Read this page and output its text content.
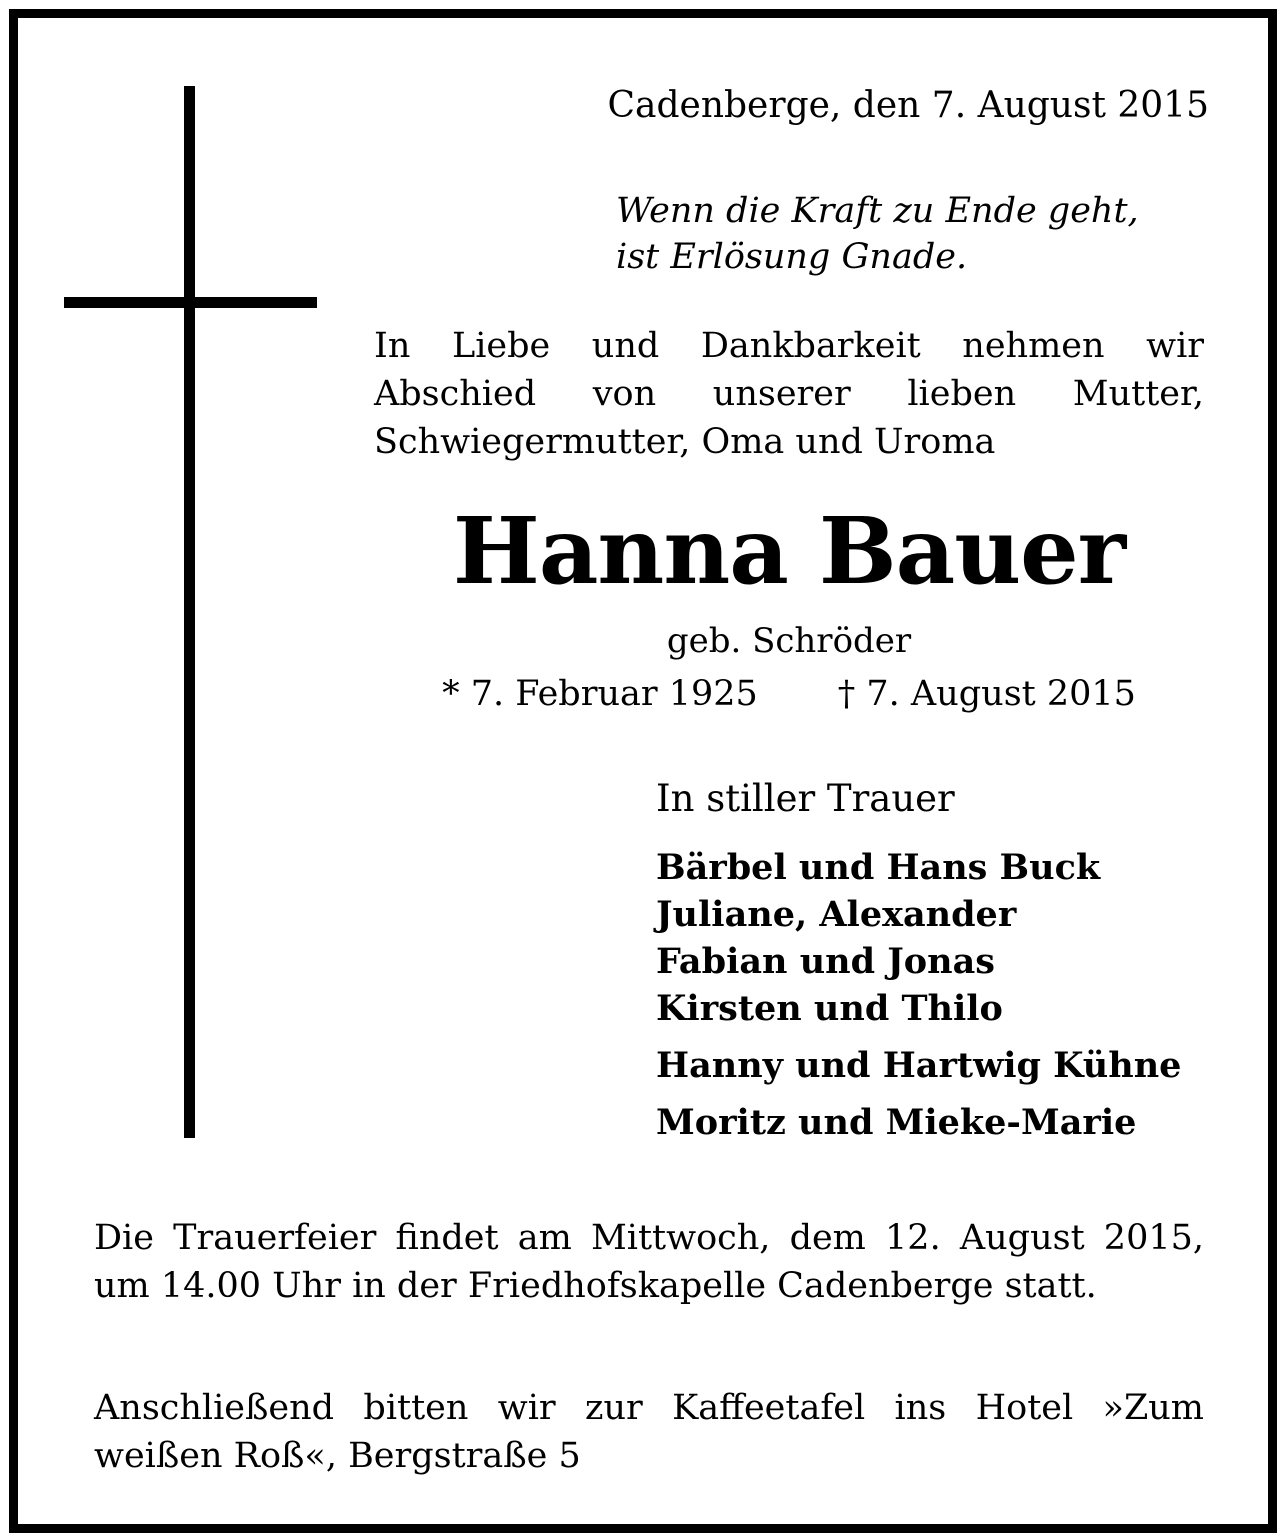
Cadenberge, den 7. August 2015
Wenn die Kraft zu Ende geht,
ist Erlösung Gnade.
In Liebe und Dankbarkeit nehmen wir Abschied von unserer lieben Mutter, Schwiegermutter, Oma und Uroma
Hanna Bauer
geb. Schröder
* 7. Februar 1925 † 7. August 2015
In stiller Trauer
Bärbel und Hans Buck
Juliane, Alexander
Fabian und Jonas
Kirsten und Thilo
Hanny und Hartwig Kühne
Moritz und Mieke-Marie
Die Trauerfeier findet am Mittwoch, dem 12. August 2015, um 14.00 Uhr in der Friedhofskapelle Cadenberge statt.
Anschließend bitten wir zur Kaffeetafel ins Hotel »Zum weißen Roß«, Bergstraße 5
